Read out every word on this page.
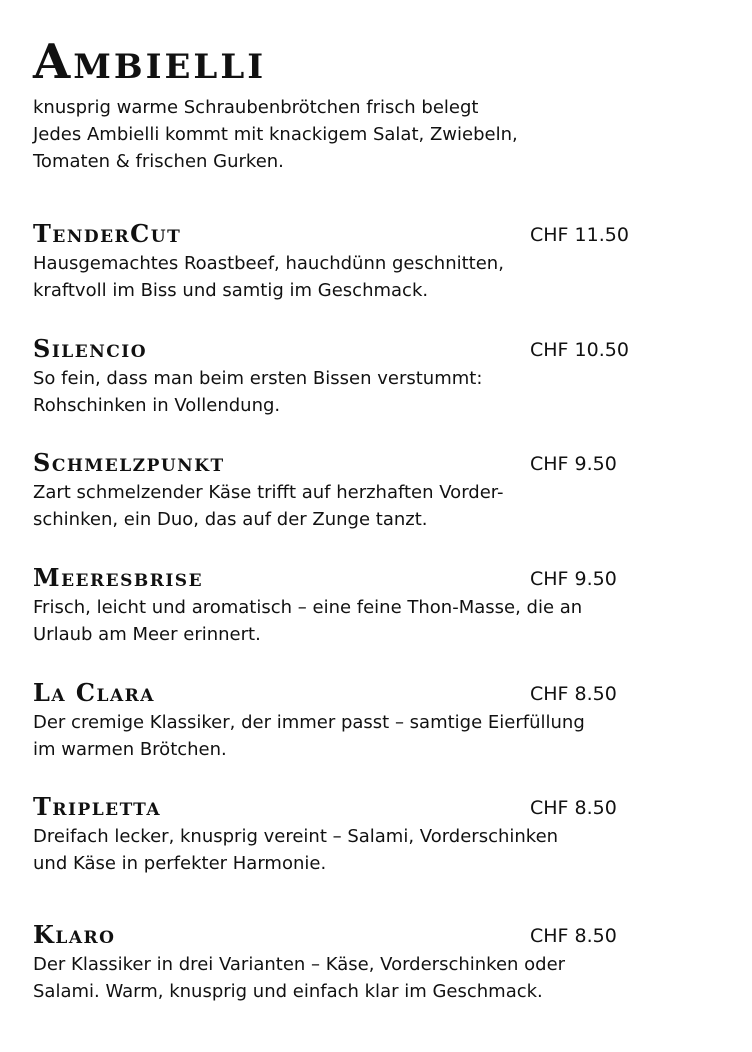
Ambielli
knusprig warme Schraubenbrötchen frisch belegt
Jedes Ambielli kommt mit knackigem Salat, Zwiebeln,
Tomaten & frischen Gurken.
TenderCut	CHF 11.50
Hausgemachtes Roastbeef, hauchdünn geschnitten,
kraftvoll im Biss und samtig im Geschmack.
Silencio	CHF 10.50
So fein, dass man beim ersten Bissen verstummt:
Rohschinken in Vollendung.
Schmelzpunkt	CHF 9.50
Zart schmelzender Käse trifft auf herzhaften Vorder-
schinken, ein Duo, das auf der Zunge tanzt.
Meeresbrise	CHF 9.50
Frisch, leicht und aromatisch – eine feine Thon-Masse, die an
Urlaub am Meer erinnert.
La Clara	CHF 8.50
Der cremige Klassiker, der immer passt – samtige Eierfüllung
im warmen Brötchen.
Tripletta	CHF 8.50
Dreifach lecker, knusprig vereint – Salami, Vorderschinken
und Käse in perfekter Harmonie.
Klaro	CHF 8.50
Der Klassiker in drei Varianten – Käse, Vorderschinken oder
Salami. Warm, knusprig und einfach klar im Geschmack.
